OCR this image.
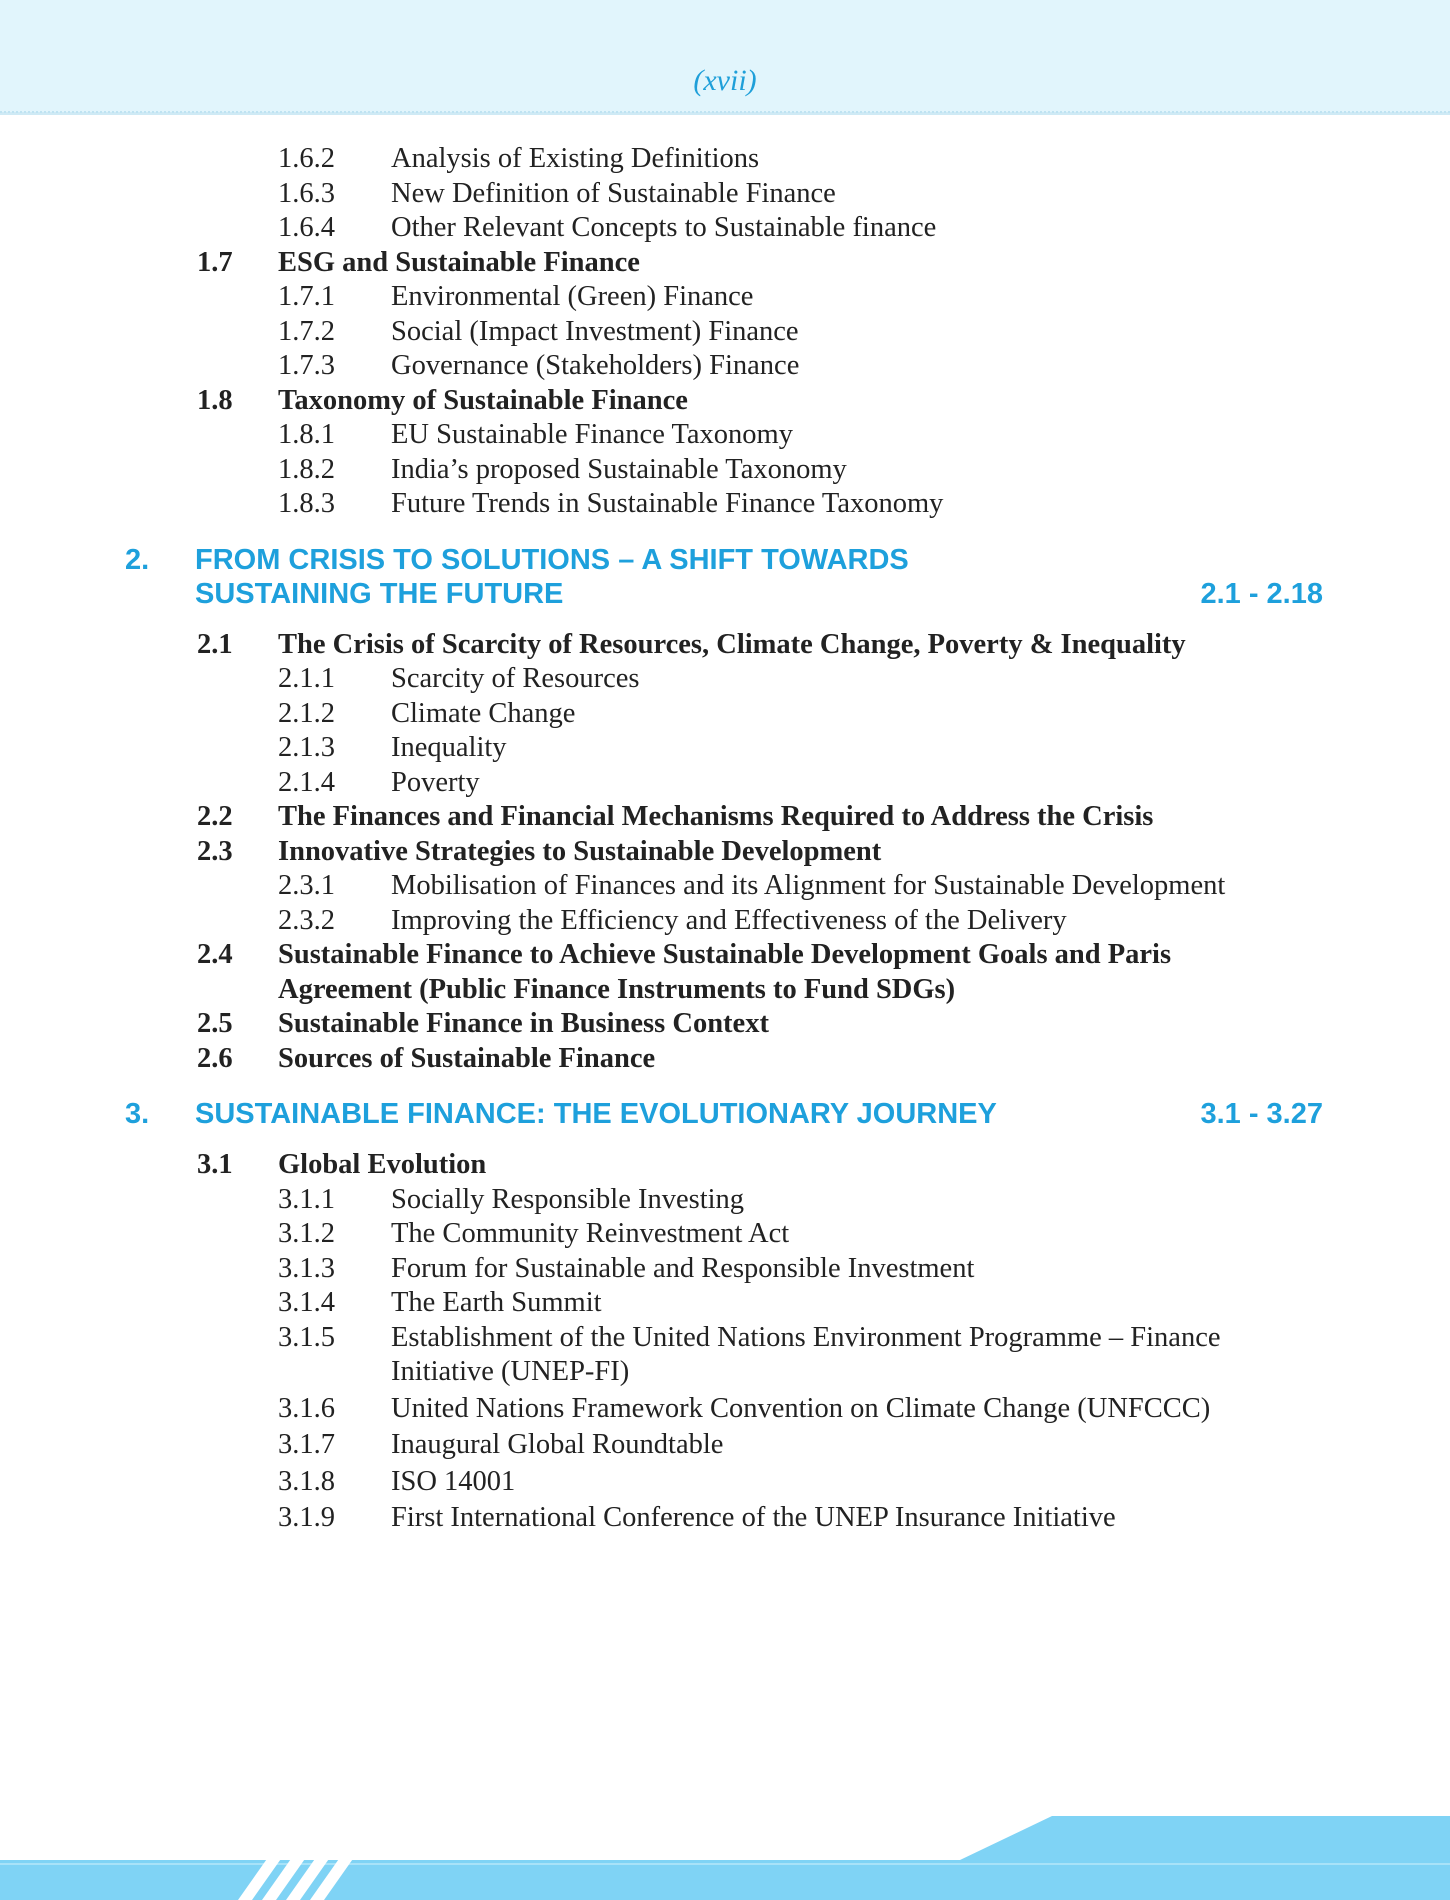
(xvii)
1.6.2 Analysis of Existing Definitions
1.6.3 New Definition of Sustainable Finance
1.6.4 Other Relevant Concepts to Sustainable finance
1.7 ESG and Sustainable Finance
1.7.1 Environmental (Green) Finance
1.7.2 Social (Impact Investment) Finance
1.7.3 Governance (Stakeholders) Finance
1.8 Taxonomy of Sustainable Finance
1.8.1 EU Sustainable Finance Taxonomy
1.8.2 India’s proposed Sustainable Taxonomy
1.8.3 Future Trends in Sustainable Finance Taxonomy
2. FROM CRISIS TO SOLUTIONS – A SHIFT TOWARDS
SUSTAINING THE FUTURE	2.1 - 2.18
2.1 The Crisis of Scarcity of Resources, Climate Change, Poverty & Inequality
2.1.1 Scarcity of Resources
2.1.2 Climate Change
2.1.3 Inequality
2.1.4 Poverty
2.2 The Finances and Financial Mechanisms Required to Address the Crisis
2.3 Innovative Strategies to Sustainable Development
2.3.1 Mobilisation of Finances and its Alignment for Sustainable Development
2.3.2 Improving the Efficiency and Effectiveness of the Delivery
2.4 Sustainable Finance to Achieve Sustainable Development Goals and Paris
Agreement (Public Finance Instruments to Fund SDGs)
2.5 Sustainable Finance in Business Context
2.6 Sources of Sustainable Finance
3. SUSTAINABLE FINANCE: THE EVOLUTIONARY JOURNEY	3.1 - 3.27
3.1 Global Evolution
3.1.1 Socially Responsible Investing
3.1.2 The Community Reinvestment Act
3.1.3 Forum for Sustainable and Responsible Investment
3.1.4 The Earth Summit
3.1.5 Establishment of the United Nations Environment Programme – Finance
Initiative (UNEP-FI)
3.1.6 United Nations Framework Convention on Climate Change (UNFCCC)
3.1.7 Inaugural Global Roundtable
3.1.8 ISO 14001
3.1.9 First International Conference of the UNEP Insurance Initiative
